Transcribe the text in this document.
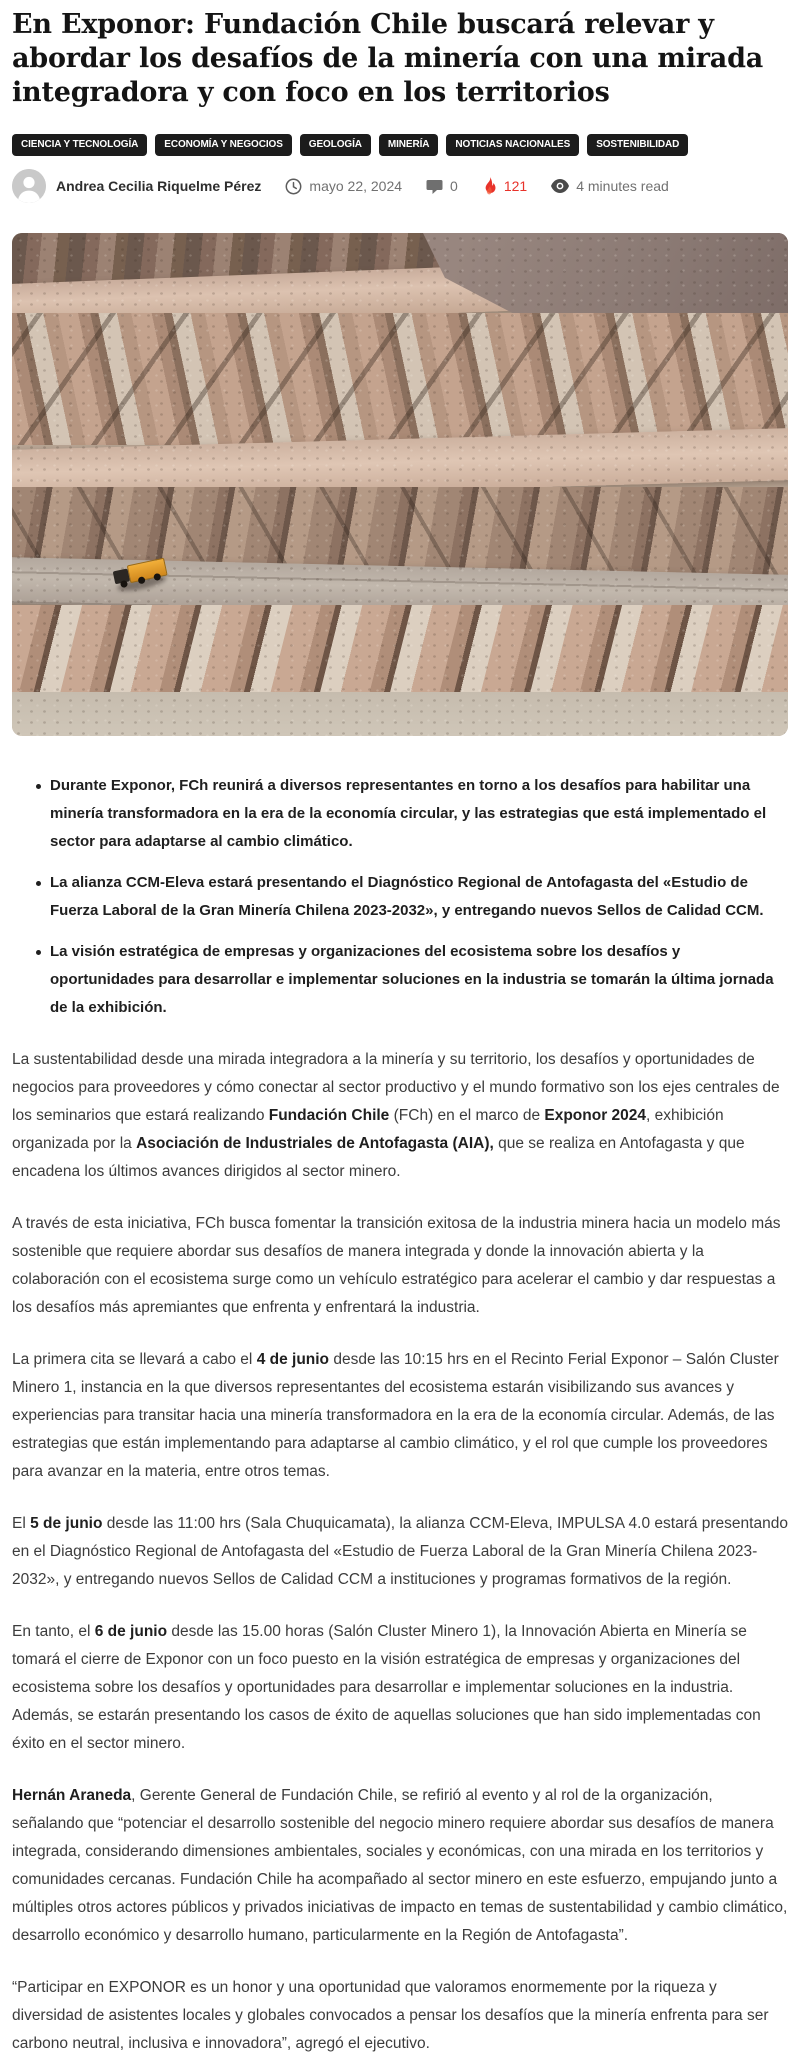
En Exponor: Fundación Chile buscará relevar y abordar los desafíos de la minería con una mirada integradora y con foco en los territorios
CIENCIA Y TECNOLOGÍA	ECONOMÍA Y NEGOCIOS	GEOLOGÍA	MINERÍA	NOTICIAS NACIONALES	SOSTENIBILIDAD
Andrea Cecilia Riquelme Pérez	mayo 22, 2024	0	121	4 minutes read
Durante Exponor, FCh reunirá a diversos representantes en torno a los desafíos para habilitar una minería transformadora en la era de la economía circular, y las estrategias que está implementado el sector para adaptarse al cambio climático.
La alianza CCM-Eleva estará presentando el Diagnóstico Regional de Antofagasta del «Estudio de Fuerza Laboral de la Gran Minería Chilena 2023-2032», y entregando nuevos Sellos de Calidad CCM.
La visión estratégica de empresas y organizaciones del ecosistema sobre los desafíos y oportunidades para desarrollar e implementar soluciones en la industria se tomarán la última jornada de la exhibición.

La sustentabilidad desde una mirada integradora a la minería y su territorio, los desafíos y oportunidades de negocios para proveedores y cómo conectar al sector productivo y el mundo formativo son los ejes centrales de los seminarios que estará realizando Fundación Chile (FCh) en el marco de Exponor 2024, exhibición organizada por la Asociación de Industriales de Antofagasta (AIA), que se realiza en Antofagasta y que encadena los últimos avances dirigidos al sector minero.

A través de esta iniciativa, FCh busca fomentar la transición exitosa de la industria minera hacia un modelo más sostenible que requiere abordar sus desafíos de manera integrada y donde la innovación abierta y la colaboración con el ecosistema surge como un vehículo estratégico para acelerar el cambio y dar respuestas a los desafíos más apremiantes que enfrenta y enfrentará la industria.

La primera cita se llevará a cabo el 4 de junio desde las 10:15 hrs en el Recinto Ferial Exponor – Salón Cluster Minero 1, instancia en la que diversos representantes del ecosistema estarán visibilizando sus avances y experiencias para transitar hacia una minería transformadora en la era de la economía circular. Además, de las estrategias que están implementando para adaptarse al cambio climático, y el rol que cumple los proveedores para avanzar en la materia, entre otros temas.

El 5 de junio desde las 11:00 hrs (Sala Chuquicamata), la alianza CCM-Eleva, IMPULSA 4.0 estará presentando en el Diagnóstico Regional de Antofagasta del «Estudio de Fuerza Laboral de la Gran Minería Chilena 2023-2032», y entregando nuevos Sellos de Calidad CCM a instituciones y programas formativos de la región.

En tanto, el 6 de junio desde las 15.00 horas (Salón Cluster Minero 1), la Innovación Abierta en Minería se tomará el cierre de Exponor con un foco puesto en la visión estratégica de empresas y organizaciones del ecosistema sobre los desafíos y oportunidades para desarrollar e implementar soluciones en la industria. Además, se estarán presentando los casos de éxito de aquellas soluciones que han sido implementadas con éxito en el sector minero.

Hernán Araneda, Gerente General de Fundación Chile, se refirió al evento y al rol de la organización, señalando que “potenciar el desarrollo sostenible del negocio minero requiere abordar sus desafíos de manera integrada, considerando dimensiones ambientales, sociales y económicas, con una mirada en los territorios y comunidades cercanas. Fundación Chile ha acompañado al sector minero en este esfuerzo, empujando junto a múltiples otros actores públicos y privados iniciativas de impacto en temas de sustentabilidad y cambio climático, desarrollo económico y desarrollo humano, particularmente en la Región de Antofagasta”.

“Participar en EXPONOR es un honor y una oportunidad que valoramos enormemente por la riqueza y diversidad de asistentes locales y globales convocados a pensar los desafíos que la minería enfrenta para ser carbono neutral, inclusiva e innovadora”, agregó el ejecutivo.
